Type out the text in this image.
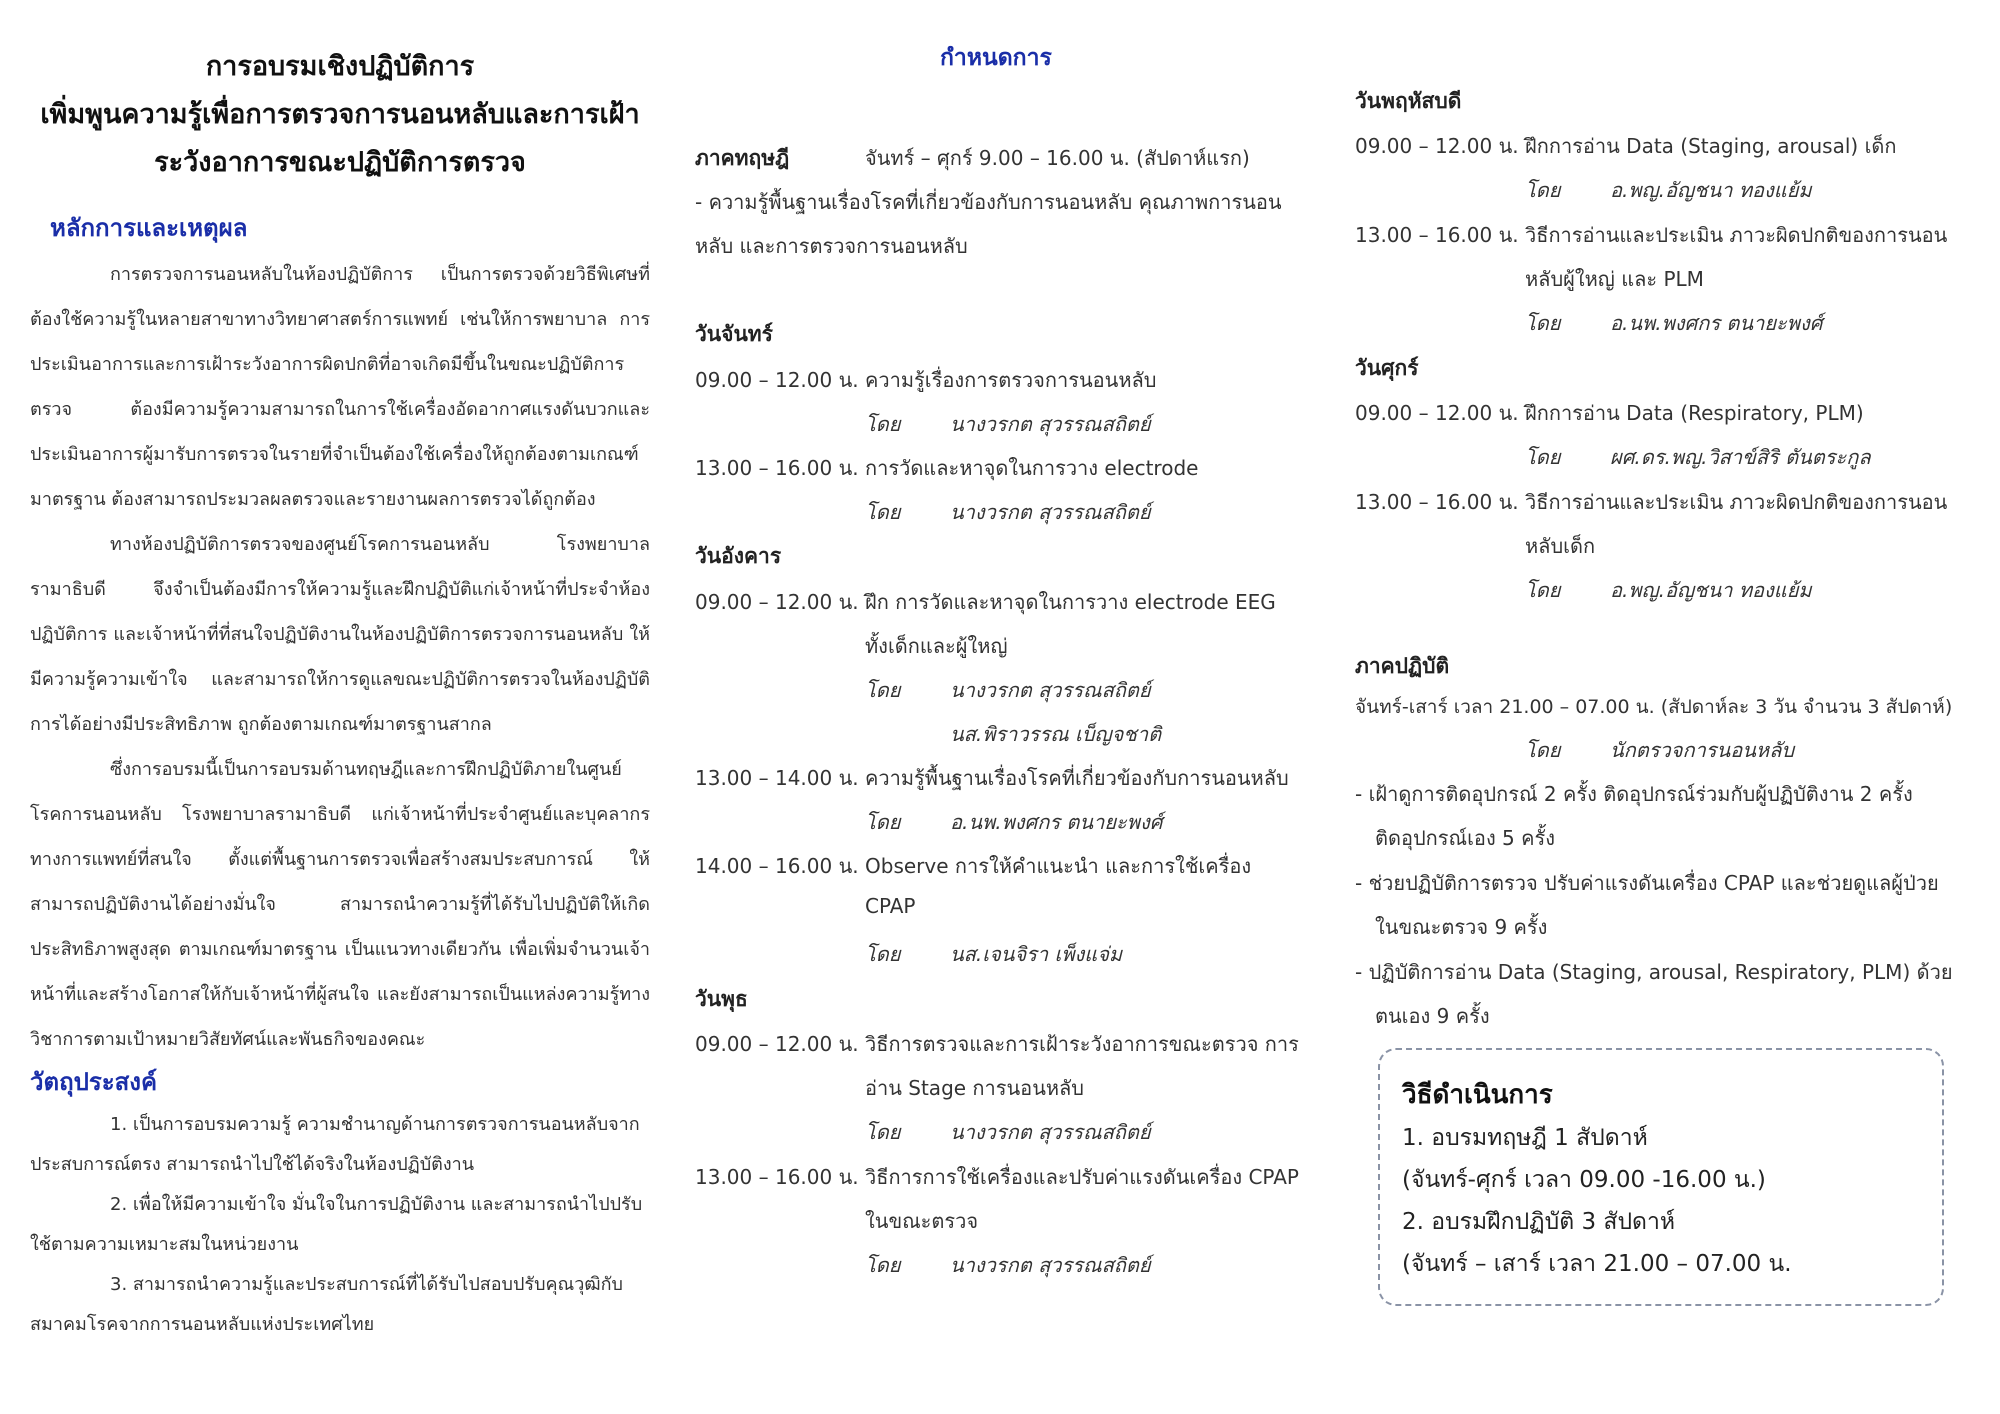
การอบรมเชิงปฏิบัติการ
เพิ่มพูนความรู้เพื่อการตรวจการนอนหลับและการเฝ้า
ระวังอาการขณะปฏิบัติการตรวจ
หลักการและเหตุผล
การตรวจการนอนหลับในห้องปฏิบัติการ เป็นการตรวจด้วยวิธีพิเศษที่ต้องใช้ความรู้ในหลายสาขาทางวิทยาศาสตร์การแพทย์ เช่นให้การพยาบาล การประเมินอาการและการเฝ้าระวังอาการผิดปกติที่อาจเกิดมีขึ้นในขณะปฏิบัติการตรวจ ต้องมีความรู้ความสามารถในการใช้เครื่องอัดอากาศแรงดันบวกและประเมินอาการผู้มารับการตรวจในรายที่จำเป็นต้องใช้เครื่องให้ถูกต้องตามเกณฑ์มาตรฐาน ต้องสามารถประมวลผลตรวจและรายงานผลการตรวจได้ถูกต้อง
ทางห้องปฏิบัติการตรวจของศูนย์โรคการนอนหลับ โรงพยาบาลรามาธิบดี จึงจำเป็นต้องมีการให้ความรู้และฝึกปฏิบัติแก่เจ้าหน้าที่ประจำห้องปฏิบัติการ และเจ้าหน้าที่ที่สนใจปฏิบัติงานในห้องปฏิบัติการตรวจการนอนหลับ ให้มีความรู้ความเข้าใจ และสามารถให้การดูแลขณะปฏิบัติการตรวจในห้องปฏิบัติการได้อย่างมีประสิทธิภาพ ถูกต้องตามเกณฑ์มาตรฐานสากล
ซึ่งการอบรมนี้เป็นการอบรมด้านทฤษฎีและการฝึกปฏิบัติภายในศูนย์โรคการนอนหลับ โรงพยาบาลรามาธิบดี แก่เจ้าหน้าที่ประจำศูนย์และบุคลากรทางการแพทย์ที่สนใจ ตั้งแต่พื้นฐานการตรวจเพื่อสร้างสมประสบการณ์ ให้สามารถปฏิบัติงานได้อย่างมั่นใจ สามารถนำความรู้ที่ได้รับไปปฏิบัติให้เกิดประสิทธิภาพสูงสุด ตามเกณฑ์มาตรฐาน เป็นแนวทางเดียวกัน เพื่อเพิ่มจำนวนเจ้าหน้าที่และสร้างโอกาสให้กับเจ้าหน้าที่ผู้สนใจ และยังสามารถเป็นแหล่งความรู้ทางวิชาการตามเป้าหมายวิสัยทัศน์และพันธกิจของคณะ
วัตถุประสงค์
1. เป็นการอบรมความรู้ ความชำนาญด้านการตรวจการนอนหลับจากประสบการณ์ตรง สามารถนำไปใช้ได้จริงในห้องปฏิบัติงาน
2. เพื่อให้มีความเข้าใจ มั่นใจในการปฏิบัติงาน และสามารถนำไปปรับใช้ตามความเหมาะสมในหน่วยงาน
3. สามารถนำความรู้และประสบการณ์ที่ได้รับไปสอบปรับคุณวุฒิกับสมาคมโรคจากการนอนหลับแห่งประเทศไทย
กำหนดการ
ภาคทฤษฎี	จันทร์ – ศุกร์ 9.00 – 16.00 น. (สัปดาห์แรก)
- ความรู้พื้นฐานเรื่องโรคที่เกี่ยวข้องกับการนอนหลับ คุณภาพการนอน
หลับ และการตรวจการนอนหลับ
วันจันทร์
09.00 – 12.00 น. ความรู้เรื่องการตรวจการนอนหลับ
โดย นางวรกต สุวรรณสถิตย์
13.00 – 16.00 น. การวัดและหาจุดในการวาง electrode
โดย นางวรกต สุวรรณสถิตย์
วันอังคาร
09.00 – 12.00 น. ฝึก การวัดและหาจุดในการวาง electrode EEG
ทั้งเด็กและผู้ใหญ่
โดย นางวรกต สุวรรณสถิตย์
นส.พิราวรรณ เบ็ญจชาติ
13.00 – 14.00 น. ความรู้พื้นฐานเรื่องโรคที่เกี่ยวข้องกับการนอนหลับ
โดย อ.นพ.พงศกร ตนายะพงศ์
14.00 – 16.00 น. Observe การให้คำแนะนำ และการใช้เครื่อง
CPAP
โดย นส.เจนจิรา เพ็งแจ่ม
วันพุธ
09.00 – 12.00 น. วิธีการตรวจและการเฝ้าระวังอาการขณะตรวจ การ
อ่าน Stage การนอนหลับ
โดย นางวรกต สุวรรณสถิตย์
13.00 – 16.00 น. วิธีการการใช้เครื่องและปรับค่าแรงดันเครื่อง CPAP
ในขณะตรวจ
โดย นางวรกต สุวรรณสถิตย์
วันพฤหัสบดี
09.00 – 12.00 น. ฝึกการอ่าน Data (Staging, arousal) เด็ก
โดย อ.พญ.อัญชนา ทองแย้ม
13.00 – 16.00 น. วิธีการอ่านและประเมิน ภาวะผิดปกติของการนอน
หลับผู้ใหญ่ และ PLM
โดย อ.นพ.พงศกร ตนายะพงศ์
วันศุกร์
09.00 – 12.00 น. ฝึกการอ่าน Data (Respiratory, PLM)
โดย ผศ.ดร.พญ.วิสาข์สิริ ตันตระกูล
13.00 – 16.00 น. วิธีการอ่านและประเมิน ภาวะผิดปกติของการนอน
หลับเด็ก
โดย อ.พญ.อัญชนา ทองแย้ม
ภาคปฏิบัติ
จันทร์-เสาร์ เวลา 21.00 – 07.00 น. (สัปดาห์ละ 3 วัน จำนวน 3 สัปดาห์)
โดย นักตรวจการนอนหลับ
- เฝ้าดูการติดอุปกรณ์ 2 ครั้ง ติดอุปกรณ์ร่วมกับผู้ปฏิบัติงาน 2 ครั้ง
ติดอุปกรณ์เอง 5 ครั้ง
- ช่วยปฏิบัติการตรวจ ปรับค่าแรงดันเครื่อง CPAP และช่วยดูแลผู้ป่วย
ในขณะตรวจ 9 ครั้ง
- ปฏิบัติการอ่าน Data (Staging, arousal, Respiratory, PLM) ด้วย
ตนเอง 9 ครั้ง
วิธีดำเนินการ
1. อบรมทฤษฎี 1 สัปดาห์
(จันทร์-ศุกร์ เวลา 09.00 -16.00 น.)
2. อบรมฝึกปฏิบัติ 3 สัปดาห์
(จันทร์ – เสาร์ เวลา 21.00 – 07.00 น.
